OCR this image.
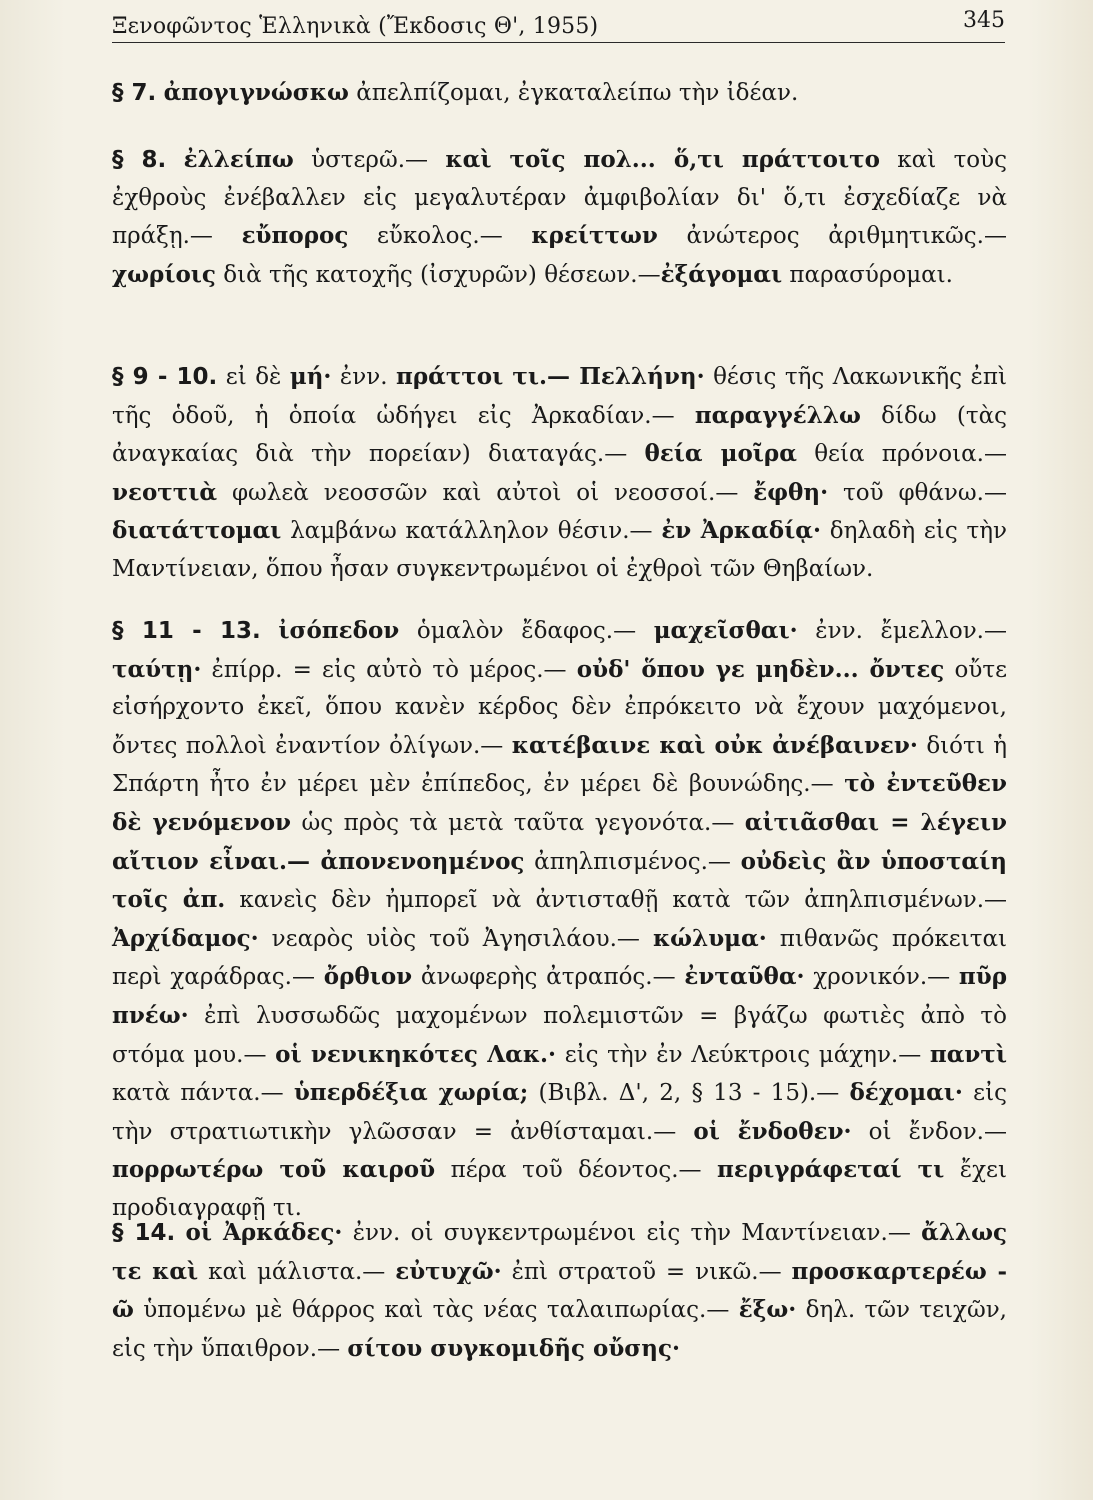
Ξενοφῶντος Ἑλληνικὰ (Ἔκδοσις Θ', 1955)	345
§ 7. ἀπογιγνώσκω ἀπελπίζομαι, ἐγκαταλείπω τὴν ἰδέαν.
§ 8. ἐλλείπω ὑστερῶ.— καὶ τοῖς πολ... ὅ,τι πράττοιτο καὶ τοὺς ἐχθροὺς ἐνέβαλλεν εἰς μεγαλυτέραν ἀμφιβολίαν δι' ὅ,τι ἐσχεδίαζε νὰ πράξῃ.— εὔπορος εὔκολος.— κρείττων ἀνώτερος ἀριθμητικῶς.— χωρίοις διὰ τῆς κατοχῆς (ἰσχυρῶν) θέσεων.—ἐξάγομαι παρασύρομαι.
§ 9 - 10. εἰ δὲ μή· ἐνν. πράττοι τι.— Πελλήνη· θέσις τῆς Λακωνικῆς ἐπὶ τῆς ὁδοῦ, ἡ ὁποία ὡδήγει εἰς Ἀρκαδίαν.— παραγγέλλω δίδω (τὰς ἀναγκαίας διὰ τὴν πορείαν) διαταγάς.— θεία μοῖρα θεία πρόνοια.— νεοττιὰ φωλεὰ νεοσσῶν καὶ αὐτοὶ οἱ νεοσσοί.— ἔφθη· τοῦ φθάνω.— διατάττομαι λαμβάνω κατάλληλον θέσιν.— ἐν Ἀρκαδίᾳ· δηλαδὴ εἰς τὴν Μαντίνειαν, ὅπου ἦσαν συγκεντρωμένοι οἱ ἐχθροὶ τῶν Θηβαίων.
§ 11 - 13. ἰσόπεδον ὁμαλὸν ἔδαφος.— μαχεῖσθαι· ἐνν. ἔμελλον.— ταύτῃ· ἐπίρρ. = εἰς αὐτὸ τὸ μέρος.— οὐδ' ὅπου γε μηδὲν... ὄντες οὔτε εἰσήρχοντο ἐκεῖ, ὅπου κανὲν κέρδος δὲν ἐπρόκειτο νὰ ἔχουν μαχόμενοι, ὄντες πολλοὶ ἐναντίον ὀλίγων.— κατέβαινε καὶ οὐκ ἀνέβαινεν· διότι ἡ Σπάρτη ἦτο ἐν μέρει μὲν ἐπίπεδος, ἐν μέρει δὲ βουνώδης.— τὸ ἐντεῦθεν δὲ γενόμενον ὡς πρὸς τὰ μετὰ ταῦτα γεγονότα.— αἰτιᾶσθαι = λέγειν αἴτιον εἶναι.— ἀπονενοημένος ἀπηλπισμένος.— οὐδεὶς ἂν ὑποσταίη τοῖς ἀπ. κανεὶς δὲν ἠμπορεῖ νὰ ἀντισταθῇ κατὰ τῶν ἀπηλπισμένων.— Ἀρχίδαμος· νεαρὸς υἱὸς τοῦ Ἀγησιλάου.— κώλυμα· πιθανῶς πρόκειται περὶ χαράδρας.— ὄρθιον ἀνωφερὴς ἀτραπός.— ἐνταῦθα· χρονικόν.— πῦρ πνέω· ἐπὶ λυσσωδῶς μαχομένων πολεμιστῶν = βγάζω φωτιὲς ἀπὸ τὸ στόμα μου.— οἱ νενικηκότες Λακ.· εἰς τὴν ἐν Λεύκτροις μάχην.— παντὶ κατὰ πάντα.— ὑπερδέξια χωρία; (Βιβλ. Δ', 2, § 13 - 15).— δέχομαι· εἰς τὴν στρατιωτικὴν γλῶσσαν = ἀνθίσταμαι.— οἱ ἔνδοθεν· οἱ ἔνδον.— πορρωτέρω τοῦ καιροῦ πέρα τοῦ δέοντος.— περιγράφεταί τι ἔχει προδιαγραφῇ τι.
§ 14. οἱ Ἀρκάδες· ἐνν. οἱ συγκεντρωμένοι εἰς τὴν Μαντίνειαν.— ἄλλως τε καὶ καὶ μάλιστα.— εὐτυχῶ· ἐπὶ στρατοῦ = νικῶ.— προσκαρτερέω - ῶ ὑπομένω μὲ θάρρος καὶ τὰς νέας ταλαιπωρίας.— ἔξω· δηλ. τῶν τειχῶν, εἰς τὴν ὕπαιθρον.— σίτου συγκομιδῆς οὔσης·
